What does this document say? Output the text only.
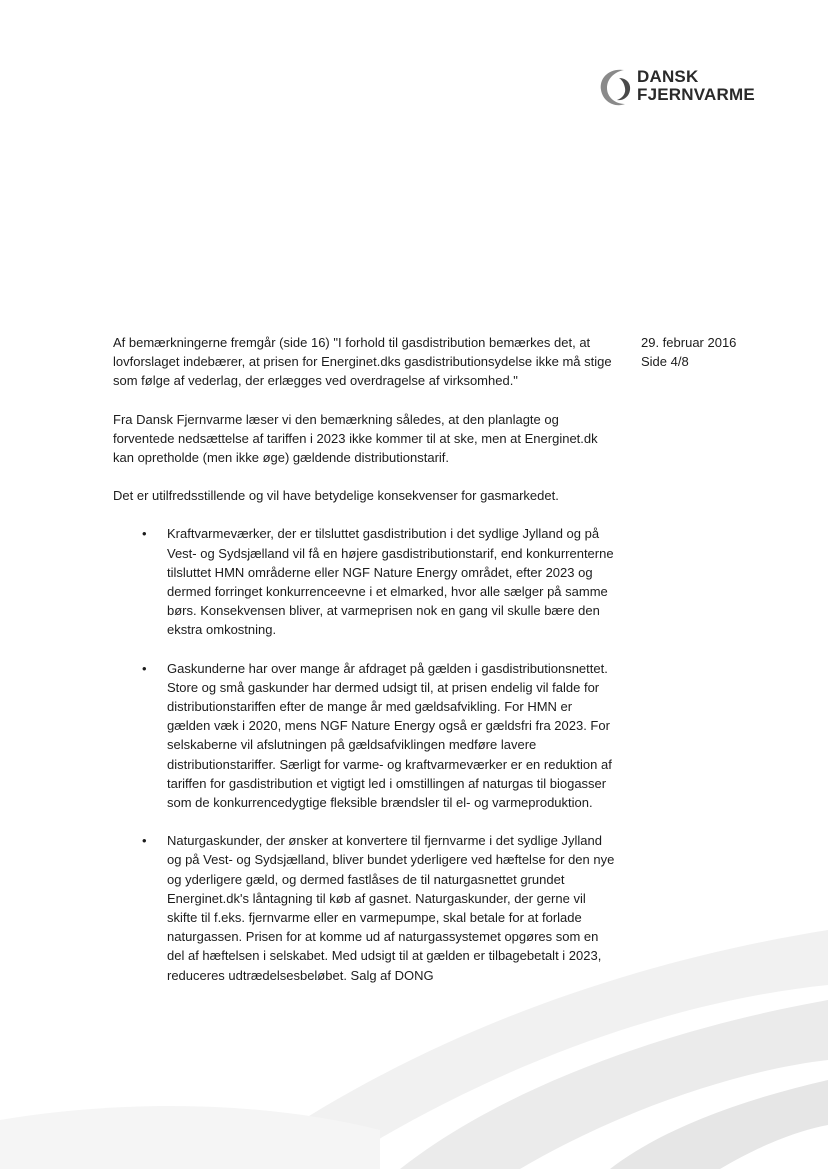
DANSK
FJERNVARME
29. februar 2016
Side 4/8

Af bemærkningerne fremgår (side 16) "I forhold til gasdistribution bemærkes det, at lovforslaget indebærer, at prisen for Energinet.dks gasdistributionsydelse ikke må stige som følge af vederlag, der erlægges ved overdragelse af virksomhed."

Fra Dansk Fjernvarme læser vi den bemærkning således, at den planlagte og forventede nedsættelse af tariffen i 2023 ikke kommer til at ske, men at Energinet.dk kan opretholde (men ikke øge) gældende distributionstarif.

Det er utilfredsstillende og vil have betydelige konsekvenser for gasmarkedet.

• Kraftvarmeværker, der er tilsluttet gasdistribution i det sydlige Jylland og på Vest- og Sydsjælland vil få en højere gasdistributionstarif, end konkurrenterne tilsluttet HMN områderne eller NGF Nature Energy området, efter 2023 og dermed forringet konkurrenceevne i et elmarked, hvor alle sælger på samme børs. Konsekvensen bliver, at varmeprisen nok en gang vil skulle bære den ekstra omkostning.
• Gaskunderne har over mange år afdraget på gælden i gasdistributionsnettet. Store og små gaskunder har dermed udsigt til, at prisen endelig vil falde for distributionstariffen efter de mange år med gældsafvikling. For HMN er gælden væk i 2020, mens NGF Nature Energy også er gældsfri fra 2023. For selskaberne vil afslutningen på gældsafviklingen medføre lavere distributionstariffer. Særligt for varme- og kraftvarmeværker er en reduktion af tariffen for gasdistribution et vigtigt led i omstillingen af naturgas til biogasser som de konkurrencedygtige fleksible brændsler til el- og varmeproduktion.
• Naturgaskunder, der ønsker at konvertere til fjernvarme i det sydlige Jylland og på Vest- og Sydsjælland, bliver bundet yderligere ved hæftelse for den nye og yderligere gæld, og dermed fastlåses de til naturgasnettet grundet Energinet.dk's låntagning til køb af gasnet. Naturgaskunder, der gerne vil skifte til f.eks. fjernvarme eller en varmepumpe, skal betale for at forlade naturgassen. Prisen for at komme ud af naturgassystemet opgøres som en del af hæftelsen i selskabet. Med udsigt til at gælden er tilbagebetalt i 2023, reduceres udtrædelsesbeløbet. Salg af DONG
